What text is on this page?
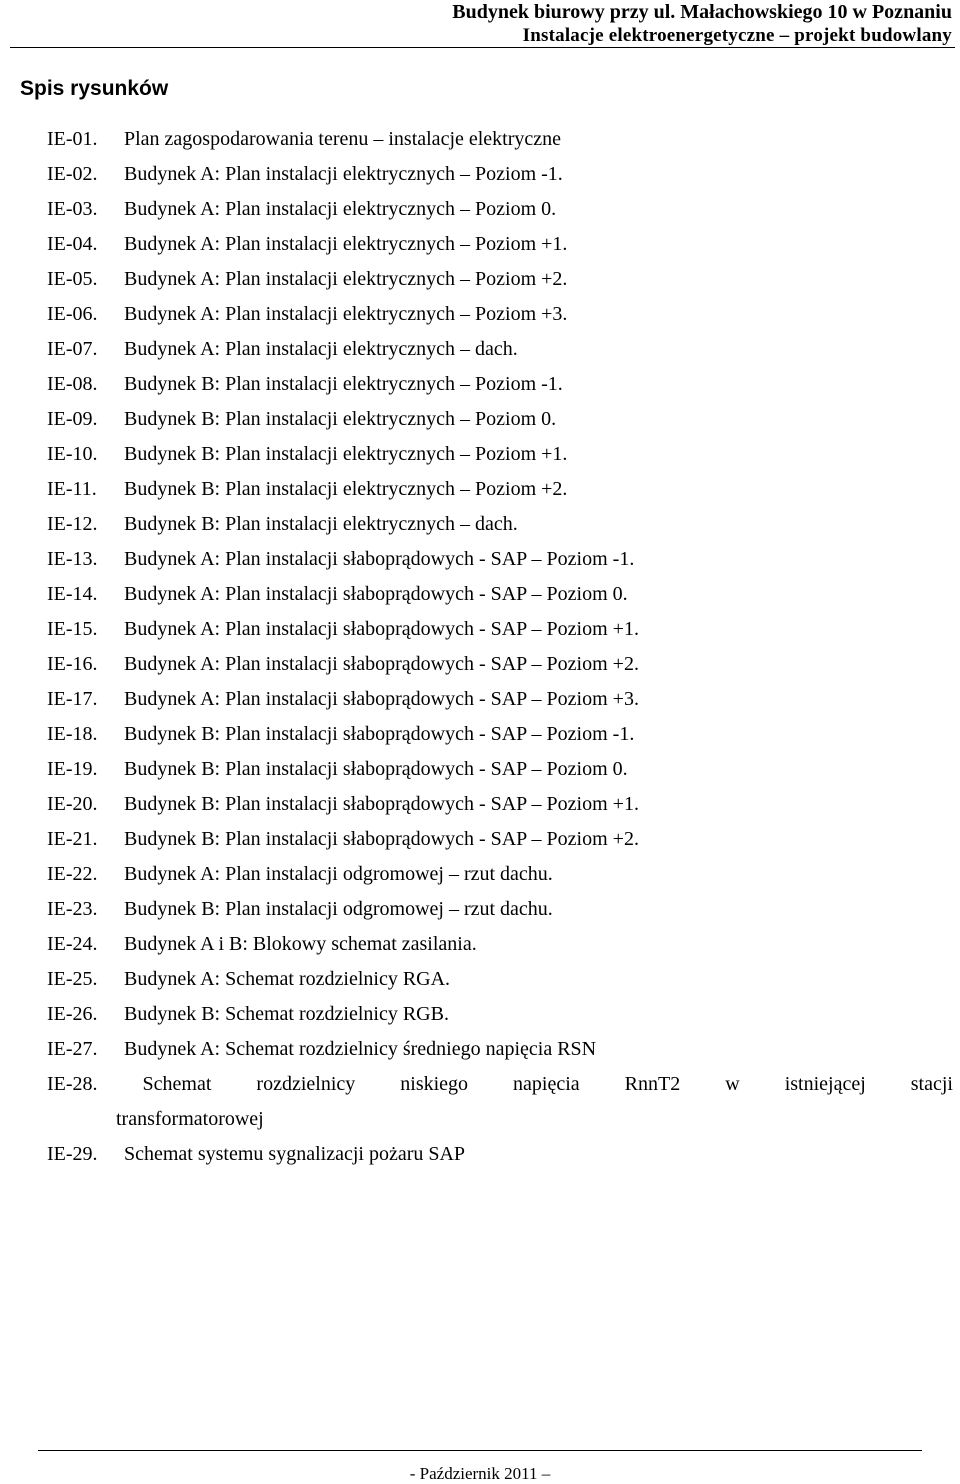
Budynek biurowy przy ul. Małachowskiego 10 w Poznaniu
Instalacje elektroenergetyczne – projekt budowlany
Spis rysunków
IE-01.	Plan zagospodarowania terenu – instalacje elektryczne
IE-02.	Budynek A: Plan instalacji elektrycznych – Poziom -1.
IE-03.	Budynek A: Plan instalacji elektrycznych – Poziom 0.
IE-04.	Budynek A: Plan instalacji elektrycznych – Poziom +1.
IE-05.	Budynek A: Plan instalacji elektrycznych – Poziom +2.
IE-06.	Budynek A: Plan instalacji elektrycznych – Poziom +3.
IE-07.	Budynek A: Plan instalacji elektrycznych – dach.
IE-08.	Budynek B: Plan instalacji elektrycznych – Poziom -1.
IE-09.	Budynek B: Plan instalacji elektrycznych – Poziom 0.
IE-10.	Budynek B: Plan instalacji elektrycznych – Poziom +1.
IE-11.	Budynek B: Plan instalacji elektrycznych – Poziom +2.
IE-12.	Budynek B: Plan instalacji elektrycznych – dach.
IE-13.	Budynek A: Plan instalacji słaboprądowych - SAP – Poziom -1.
IE-14.	Budynek A: Plan instalacji słaboprądowych - SAP – Poziom 0.
IE-15.	Budynek A: Plan instalacji słaboprądowych - SAP – Poziom +1.
IE-16.	Budynek A: Plan instalacji słaboprądowych - SAP – Poziom +2.
IE-17.	Budynek A: Plan instalacji słaboprądowych - SAP – Poziom +3.
IE-18.	Budynek B: Plan instalacji słaboprądowych - SAP – Poziom -1.
IE-19.	Budynek B: Plan instalacji słaboprądowych - SAP – Poziom 0.
IE-20.	Budynek B: Plan instalacji słaboprądowych - SAP – Poziom +1.
IE-21.	Budynek B: Plan instalacji słaboprądowych - SAP – Poziom +2.
IE-22.	Budynek A: Plan instalacji odgromowej – rzut dachu.
IE-23.	Budynek B: Plan instalacji odgromowej – rzut dachu.
IE-24.	Budynek A i B: Blokowy schemat zasilania.
IE-25.	Budynek A: Schemat rozdzielnicy RGA.
IE-26.	Budynek B: Schemat rozdzielnicy RGB.
IE-27.	Budynek A: Schemat rozdzielnicy średniego napięcia RSN
IE-28. Schemat rozdzielnicy niskiego napięcia RnnT2 w istniejącej stacji
transformatorowej
IE-29.	Schemat systemu sygnalizacji pożaru SAP
- Październik 2011 –
